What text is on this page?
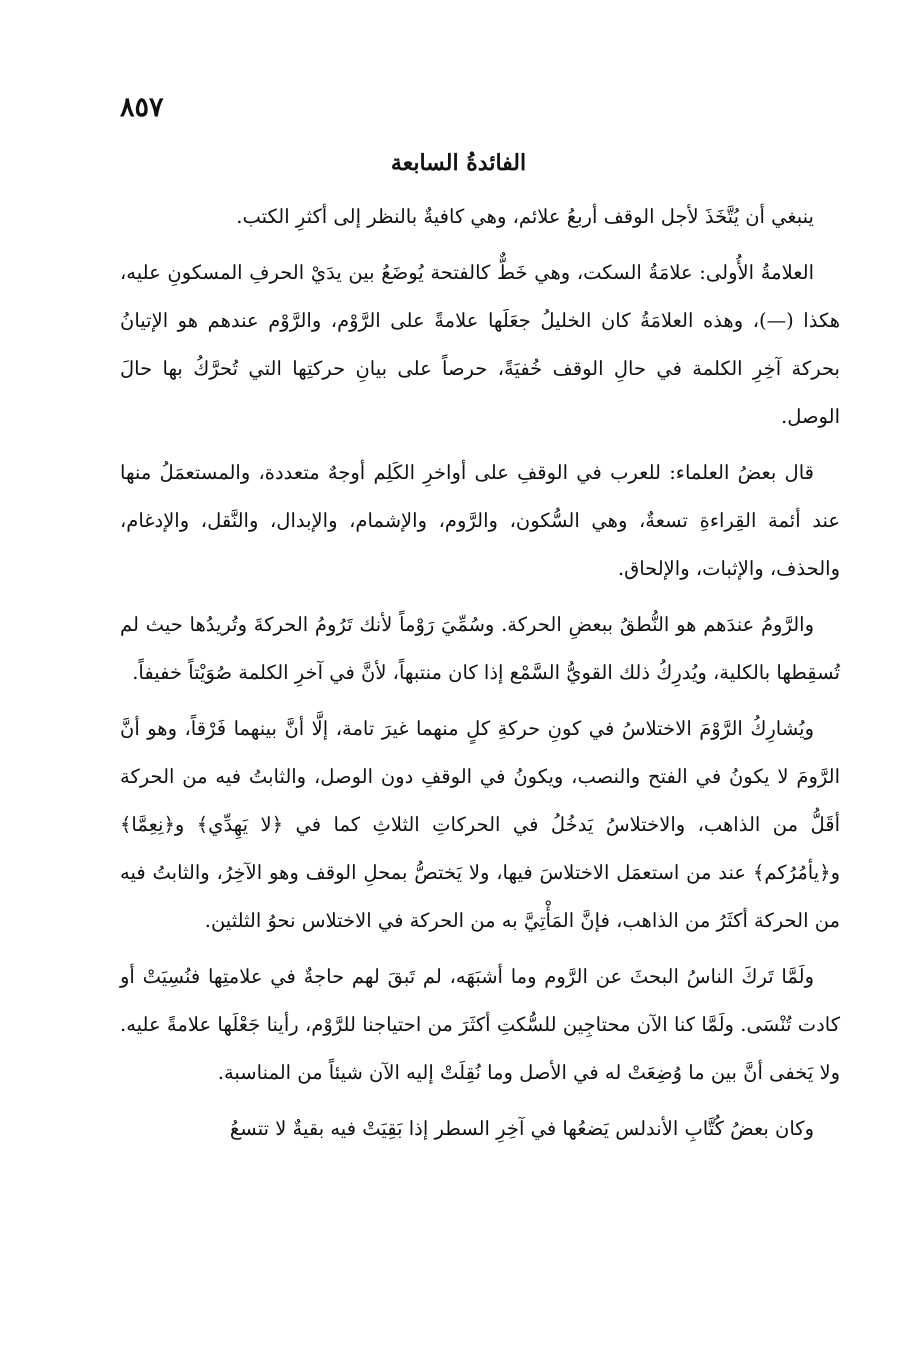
٨٥٧
الفائدةُ السابعة

ينبغي أن يُتَّخَذَ لأجل الوقف أربعُ علائم، وهي كافيةٌ بالنظر إلى أكثرِ الكتب.

العلامةُ الأُولى: علامَةُ السكت، وهي خَطٌّ كالفتحة يُوضَعُ بين يدَيْ الحرفِ المسكونِ عليه، هكذا (—)، وهذه العلامَةُ كان الخليلُ جعَلَها علامةً على الرَّوْم، والرَّوْم عندهم هو الإتيانُ بحركة آخِرِ الكلمة في حالِ الوقف خُفيَةً، حرصاً على بيانِ حركتِها التي تُحرَّكُ بها حالَ الوصل.

قال بعضُ العلماء: للعرب في الوقفِ على أواخرِ الكَلِم أوجهٌ متعددة، والمستعمَلُ منها عند أئمة القِراءةِ تسعةٌ، وهي السُّكون، والرَّوم، والإشمام، والإبدال، والنَّقل، والإدغام، والحذف، والإثبات، والإلحاق.

والرَّومُ عندَهم هو النُّطقُ ببعضِ الحركة. وسُمِّيَ رَوْماً لأنك تَرُومُ الحركةَ وتُريدُها حيث لم تُسقِطها بالكلية، ويُدرِكُ ذلك القويُّ السَّمْع إذا كان منتبهاً، لأنَّ في آخرِ الكلمة صُوَيْتاً خفيفاً.

ويُشارِكُ الرَّوْمَ الاختلاسُ في كونِ حركةِ كلٍ منهما غيرَ تامة، إلَّا أنَّ بينهما فَرْقاً، وهو أنَّ الرَّومَ لا يكونُ في الفتح والنصب، ويكونُ في الوقفِ دون الوصل، والثابتُ فيه من الحركة أقَلُّ من الذاهب، والاختلاسُ يَدخُلُ في الحركاتِ الثلاثِ كما في ﴿لا يَهِدِّي﴾ و﴿نِعِمَّا﴾ و﴿يأمُرُكم﴾ عند من استعمَل الاختلاسَ فيها، ولا يَختصُّ بمحلِ الوقف وهو الآخِرُ، والثابتُ فيه من الحركة أكثَرُ من الذاهب، فإنَّ المَأْتِيَّ به من الحركة في الاختلاس نحوُ الثلثين.

ولَمَّا تَركَ الناسُ البحثَ عن الرَّوم وما أشبَهَه، لم تَبقَ لهم حاجةٌ في علامتِها فنُسِيَتْ أو كادت تُنْسَى. ولَمَّا كنا الآن محتاجِين للسُّكتِ أكثَرَ من احتياجنا للرَّوْم، رأينا جَعْلَها علامةً عليه. ولا يَخفى أنَّ بين ما وُضِعَتْ له في الأصل وما نُقِلَتْ إليه الآن شيئاً من المناسبة.

وكان بعضُ كُتَّابِ الأندلس يَضعُها في آخِرِ السطر إذا بَقِيَتْ فيه بقيةٌ لا تتسعُ
